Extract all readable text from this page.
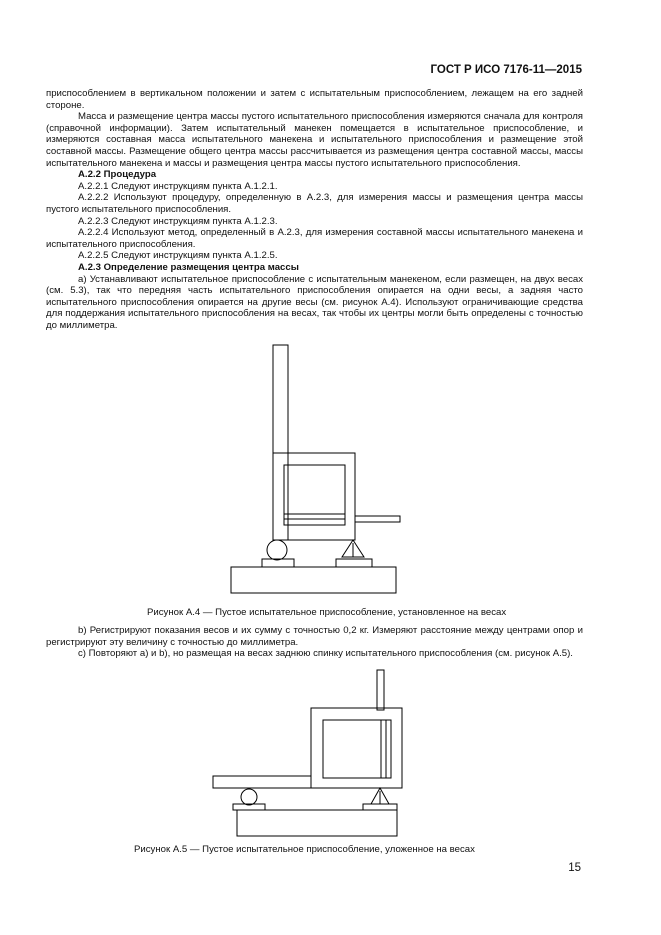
ГОСТ Р ИСО 7176-11—2015

приспособлением в вертикальном положении и затем с испытательным приспособлением, лежащем на его задней стороне.

Масса и размещение центра массы пустого испытательного приспособления измеряются сначала для контроля (справочной информации). Затем испытательный манекен помещается в испытательное приспособление, и измеряются составная масса испытательного манекена и испытательного приспособления и размещение этой составной массы. Размещение общего центра массы рассчитывается из размещения центра составной массы, массы испытательного манекена и массы и размещения центра массы пустого испытательного приспособления.

А.2.2 Процедура

А.2.2.1 Следуют инструкциям пункта А.1.2.1.

А.2.2.2 Используют процедуру, определенную в А.2.3, для измерения массы и размещения центра массы пустого испытательного приспособления.

А.2.2.3 Следуют инструкциям пункта А.1.2.3.

А.2.2.4 Используют метод, определенный в А.2.3, для измерения составной массы испытательного манекена и испытательного приспособления.

А.2.2.5 Следуют инструкциям пункта А.1.2.5.

А.2.3 Определение размещения центра массы

а) Устанавливают испытательное приспособление с испытательным манекеном, если размещен, на двух весах (см. 5.3), так что передняя часть испытательного приспособления опирается на одни весы, а задняя часто испытательного приспособления опирается на другие весы (см. рисунок А.4). Используют ограничивающие средства для поддержания испытательного приспособления на весах, так чтобы их центры могли быть определены с точностью до миллиметра.

Рисунок А.4 — Пустое испытательное приспособление, установленное на весах

b) Регистрируют показания весов и их сумму с точностью 0,2 кг. Измеряют расстояние между центрами опор и регистрируют эту величину с точностью до миллиметра.

с) Повторяют а) и b), но размещая на весах заднюю спинку испытательного приспособления (см. рисунок А.5).

Рисунок А.5 — Пустое испытательное приспособление, уложенное на весах
15
